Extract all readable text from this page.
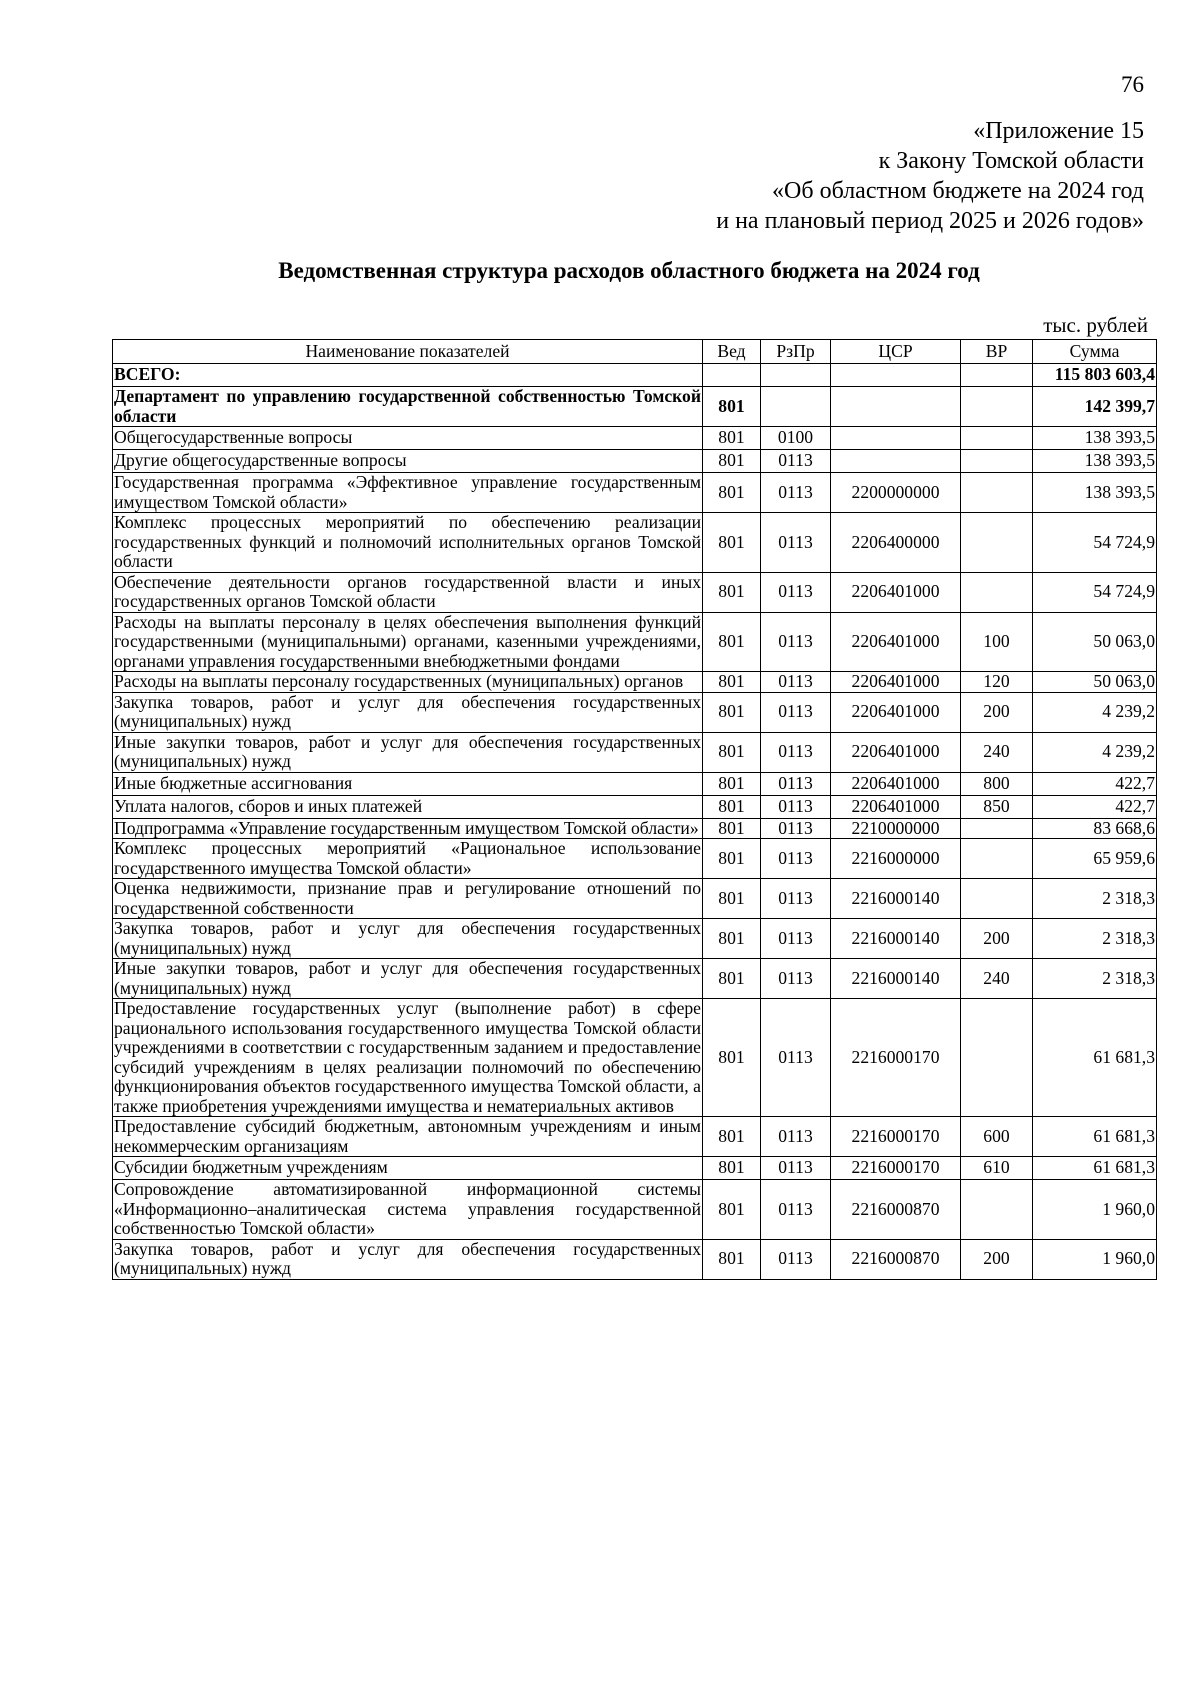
76
«Приложение 15
к Закону Томской области
«Об областном бюджете на 2024 год
и на плановый период 2025 и 2026 годов»
Ведомственная структура расходов областного бюджета на 2024 год
тыс. рублей
Наименование показателей	Вед	РзПр	ЦСР	ВР	Сумма
ВСЕГО:					115 803 603,4
Департамент по управлению государственной собственностью Томской области	801				142 399,7
Общегосударственные вопросы	801	0100			138 393,5
Другие общегосударственные вопросы	801	0113			138 393,5
Государственная программа «Эффективное управление государственным имуществом Томской области»	801	0113	2200000000		138 393,5
Комплекс процессных мероприятий по обеспечению реализации государственных функций и полномочий исполнительных органов Томской области	801	0113	2206400000		54 724,9
Обеспечение деятельности органов государственной власти и иных государственных органов Томской области	801	0113	2206401000		54 724,9
Расходы на выплаты персоналу в целях обеспечения выполнения функций государственными (муниципальными) органами, казенными учреждениями, органами управления государственными внебюджетными фондами	801	0113	2206401000	100	50 063,0
Расходы на выплаты персоналу государственных (муниципальных) органов	801	0113	2206401000	120	50 063,0
Закупка товаров, работ и услуг для обеспечения государственных (муниципальных) нужд	801	0113	2206401000	200	4 239,2
Иные закупки товаров, работ и услуг для обеспечения государственных (муниципальных) нужд	801	0113	2206401000	240	4 239,2
Иные бюджетные ассигнования	801	0113	2206401000	800	422,7
Уплата налогов, сборов и иных платежей	801	0113	2206401000	850	422,7
Подпрограмма «Управление государственным имуществом Томской области»	801	0113	2210000000		83 668,6
Комплекс процессных мероприятий «Рациональное использование государственного имущества Томской области»	801	0113	2216000000		65 959,6
Оценка недвижимости, признание прав и регулирование отношений по государственной собственности	801	0113	2216000140		2 318,3
Закупка товаров, работ и услуг для обеспечения государственных (муниципальных) нужд	801	0113	2216000140	200	2 318,3
Иные закупки товаров, работ и услуг для обеспечения государственных (муниципальных) нужд	801	0113	2216000140	240	2 318,3
Предоставление государственных услуг (выполнение работ) в сфере рационального использования государственного имущества Томской области учреждениями в соответствии с государственным заданием и предоставление субсидий учреждениям в целях реализации полномочий по обеспечению функционирования объектов государственного имущества Томской области, а также приобретения учреждениями имущества и нематериальных активов	801	0113	2216000170		61 681,3
Предоставление субсидий бюджетным, автономным учреждениям и иным некоммерческим организациям	801	0113	2216000170	600	61 681,3
Субсидии бюджетным учреждениям	801	0113	2216000170	610	61 681,3
Сопровождение автоматизированной информационной системы «Информационно–аналитическая система управления государственной собственностью Томской области»	801	0113	2216000870		1 960,0
Закупка товаров, работ и услуг для обеспечения государственных (муниципальных) нужд	801	0113	2216000870	200	1 960,0
